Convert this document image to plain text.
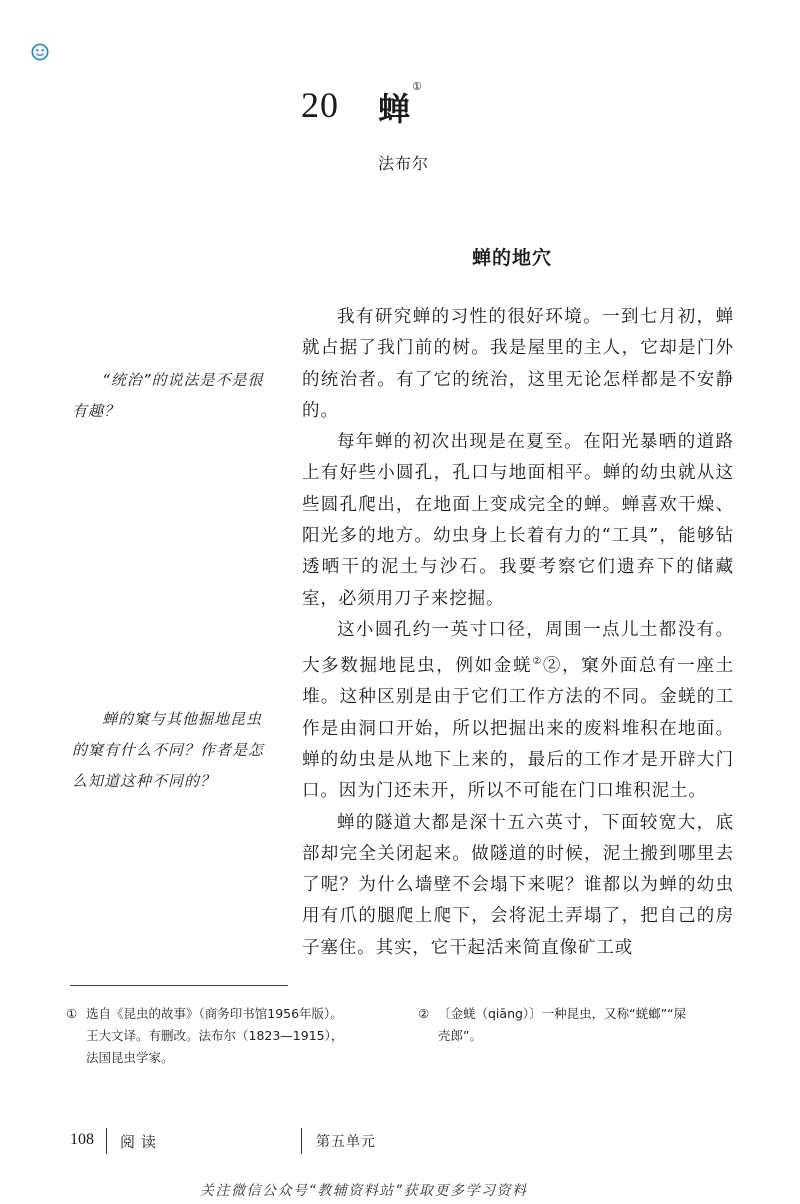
20 蝉
①
法布尔
蝉的地穴

我有研究蝉的习性的很好环境。一到七月初，蝉就占据了我门前的树。我是屋里的主人，它却是门外的统治者。有了它的统治，这里无论怎样都是不安静的。

每年蝉的初次出现是在夏至。在阳光暴晒的道路上有好些小圆孔，孔口与地面相平。蝉的幼虫就从这些圆孔爬出，在地面上变成完全的蝉。蝉喜欢干燥、阳光多的地方。幼虫身上长着有力的“工具”，能够钻透晒干的泥土与沙石。我要考察它们遗弃下的储藏室，必须用刀子来挖掘。

这小圆孔约一英寸口径，周围一点儿土都没有。大多数掘地昆虫，例如金蜣②②，窠外面总有一座土堆。这种区别是由于它们工作方法的不同。金蜣的工作是由洞口开始，所以把掘出来的废料堆积在地面。蝉的幼虫是从地下上来的，最后的工作才是开辟大门口。因为门还未开，所以不可能在门口堆积泥土。

蝉的隧道大都是深十五六英寸，下面较宽大，底部却完全关闭起来。做隧道的时候，泥土搬到哪里去了呢？为什么墙壁不会塌下来呢？谁都以为蝉的幼虫用有爪的腿爬上爬下，会将泥土弄塌了，把自己的房子塞住。其实，它干起活来简直像矿工或

“统治”的说法是不是很有趣？
蝉的窠与其他掘地昆虫的窠有什么不同？作者是怎么知道这种不同的？
① 选自《昆虫的故事》（商务印书馆1956年版）。
王大文译。有删改。法布尔（1823—1915），
法国昆虫学家。
② 〔金蜣（qiāng）〕一种昆虫，又称“蜣螂”“屎
壳郎”。
108 阅读	第五单元
关注微信公众号“教辅资料站”获取更多学习资料
